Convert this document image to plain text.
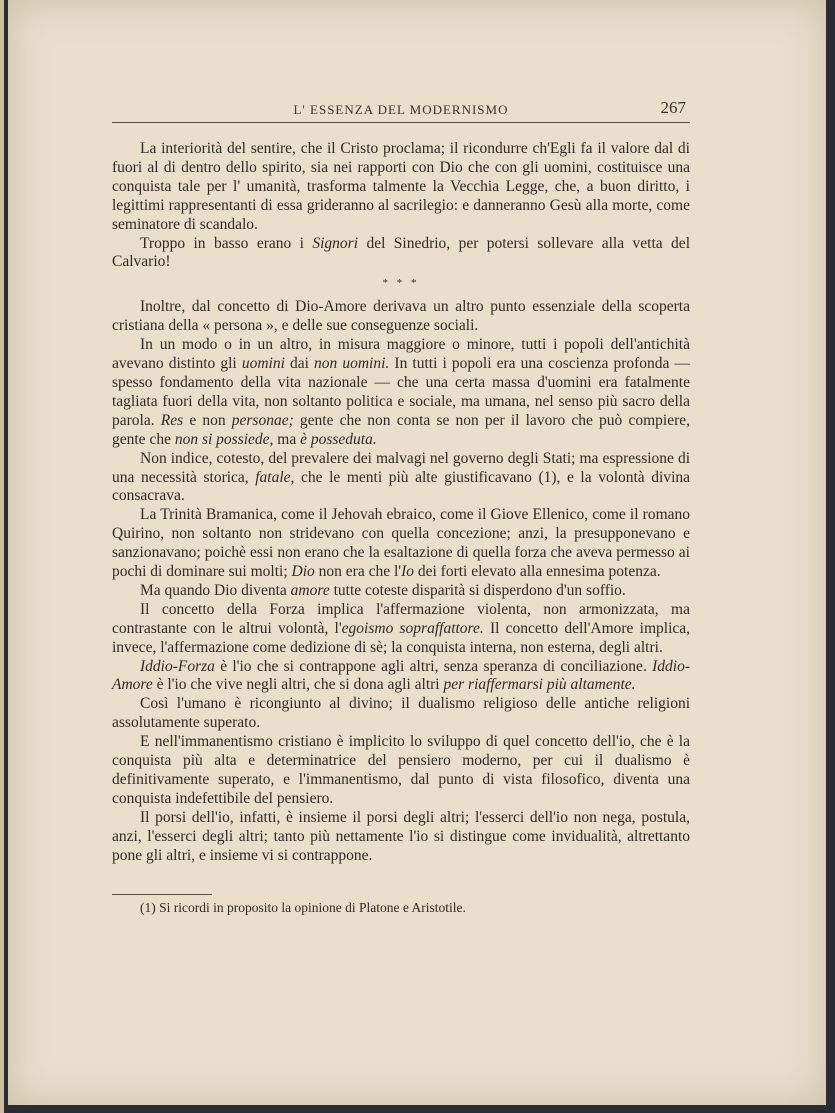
L' ESSENZA DEL MODERNISMO	267

La interiorità del sentire, che il Cristo proclama; il ricondurre ch'Egli fa il valore dal di fuori al di dentro dello spirito, sia nei rapporti con Dio che con gli uomini, costituisce una conquista tale per l' umanità, trasforma talmente la Vecchia Legge, che, a buon diritto, i legittimi rappresentanti di essa grideranno al sacrilegio: e danneranno Gesù alla morte, come seminatore di scandalo.

Troppo in basso erano i Signori del Sinedrio, per potersi sollevare alla vetta del Calvario!

* * *

Inoltre, dal concetto di Dio-Amore derivava un altro punto essenziale della scoperta cristiana della « persona », e delle sue conseguenze sociali.

In un modo o in un altro, in misura maggiore o minore, tutti i popoli dell'antichità avevano distinto gli uomini dai non uomini. In tutti i popoli era una coscienza profonda — spesso fondamento della vita nazionale — che una certa massa d'uomini era fatalmente tagliata fuori della vita, non soltanto politica e sociale, ma umana, nel senso più sacro della parola. Res e non personae; gente che non conta se non per il lavoro che può compiere, gente che non si possiede, ma è posseduta.

Non indice, cotesto, del prevalere dei malvagi nel governo degli Stati; ma espressione di una necessità storica, fatale, che le menti più alte giustificavano (1), e la volontà divina consacrava.

La Trinità Bramanica, come il Jehovah ebraico, come il Giove Ellenico, come il romano Quirino, non soltanto non stridevano con quella concezione; anzi, la presupponevano e sanzionavano; poichè essi non erano che la esaltazione di quella forza che aveva permesso ai pochi di dominare sui molti; Dio non era che l'Io dei forti elevato alla ennesima potenza.

Ma quando Dio diventa amore tutte coteste disparità si disperdono d'un soffio.

Il concetto della Forza implica l'affermazione violenta, non armonizzata, ma contrastante con le altrui volontà, l'egoismo sopraffattore. Il concetto dell'Amore implica, invece, l'affermazione come dedizione di sè; la conquista interna, non esterna, degli altri.

Iddio-Forza è l'io che si contrappone agli altri, senza speranza di conciliazione. Iddio-Amore è l'io che vive negli altri, che si dona agli altri per riaffermarsi più altamente.

Così l'umano è ricongiunto al divino; il dualismo religioso delle antiche religioni assolutamente superato.

E nell'immanentismo cristiano è implicito lo sviluppo di quel concetto dell'io, che è la conquista più alta e determinatrice del pensiero moderno, per cui il dualismo è definitivamente superato, e l'immanentismo, dal punto di vista filosofico, diventa una conquista indefettibile del pensiero.

Il porsi dell'io, infatti, è insieme il porsi degli altri; l'esserci dell'io non nega, postula, anzi, l'esserci degli altri; tanto più nettamente l'io si distingue come invidualità, altrettanto pone gli altri, e insieme vi si contrappone.

(1) Si ricordi in proposito la opinione di Platone e Aristotile.
